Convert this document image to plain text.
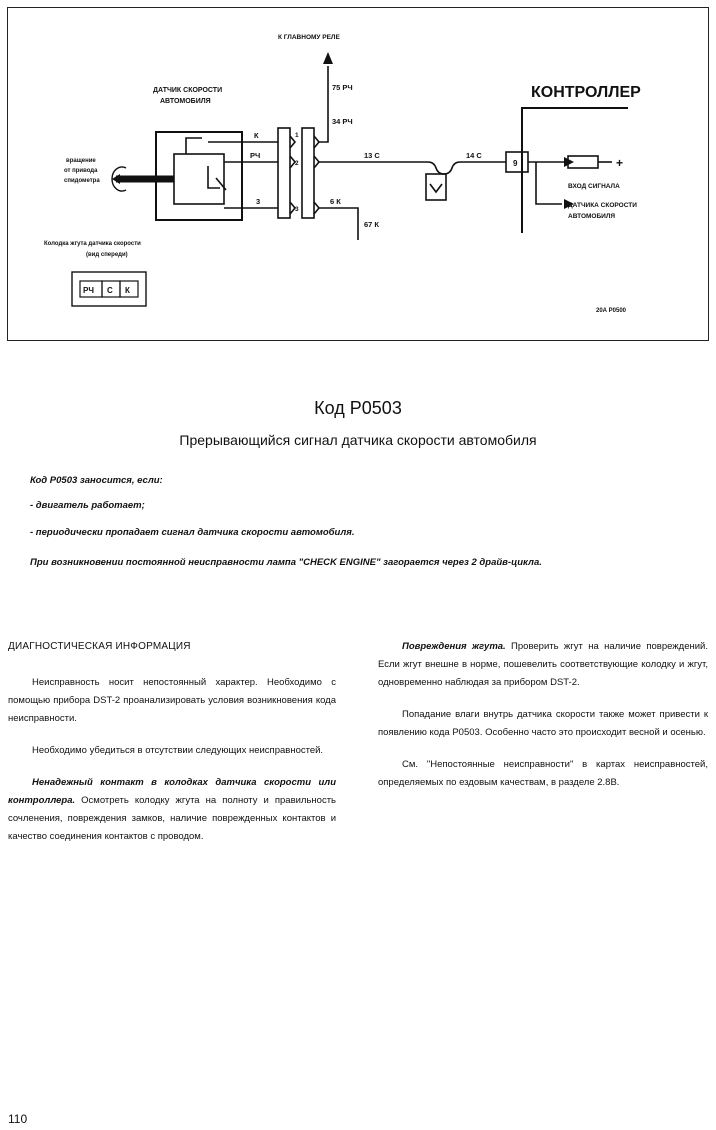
К ГЛАВНОМУ РЕЛЕ
ДАТЧИК СКОРОСТИ
АВТОМОБИЛЯ
КОНТРОЛЛЕР
вращение
от привода
спидометра
Колодка жгута датчика скорости
(вид спереди)
К
РЧ
3
1
2
3
75 РЧ
34 РЧ
13 С	14 С
6 К
67 К
9	+
ВХОД СИГНАЛА
ДАТЧИКА СКОРОСТИ
АВТОМОБИЛЯ
20А Р0500
РЧ С К
Код Р0503
Прерывающийся сигнал датчика скорости автомобиля
Код Р0503 заносится, если:
- двигатель работает;
- периодически пропадает сигнал датчика скорости автомобиля.
При возникновении постоянной неисправности лампа "CHECK ENGINE" загорается через 2 драйв-цикла.

ДИАГНОСТИЧЕСКАЯ ИНФОРМАЦИЯ

Неисправность носит непостоянный характер. Необходимо с помощью прибора DST-2 проанализировать условия возникновения кода неисправности.

Необходимо убедиться в отсутствии следующих неисправностей.

Ненадежный контакт в колодках датчика скорости или контроллера. Осмотреть колодку жгута на полноту и правильность сочленения, повреждения замков, наличие поврежденных контактов и качество соединения контактов с проводом.

Повреждения жгута. Проверить жгут на наличие повреждений. Если жгут внешне в норме, пошевелить соответствующие колодку и жгут, одновременно наблюдая за прибором DST-2.

Попадание влаги внутрь датчика скорости также может привести к появлению кода Р0503. Особенно часто это происходит весной и осенью.

См. "Непостоянные неисправности" в картах неисправностей, определяемых по ездовым качествам, в разделе 2.8В.

110
